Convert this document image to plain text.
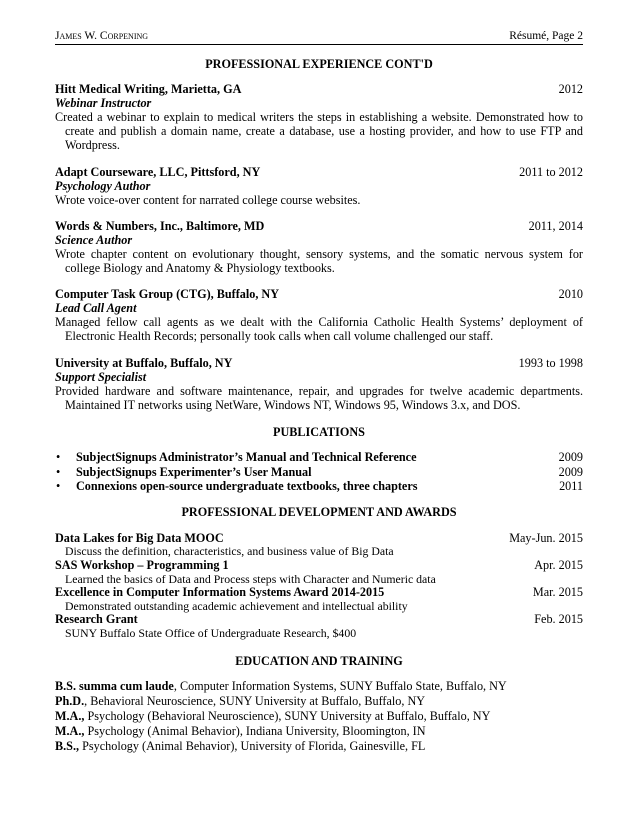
James W. Corpening	Résumé, Page 2
PROFESSIONAL EXPERIENCE CONT'D
Hitt Medical Writing, Marietta, GA	2012
Webinar Instructor
Created a webinar to explain to medical writers the steps in establishing a website. Demonstrated how to create and publish a domain name, create a database, use a hosting provider, and how to use FTP and Wordpress.
Adapt Courseware, LLC, Pittsford, NY	2011 to 2012
Psychology Author
Wrote voice-over content for narrated college course websites.
Words & Numbers, Inc., Baltimore, MD	2011, 2014
Science Author
Wrote chapter content on evolutionary thought, sensory systems, and the somatic nervous system for college Biology and Anatomy & Physiology textbooks.
Computer Task Group (CTG), Buffalo, NY	2010
Lead Call Agent
Managed fellow call agents as we dealt with the California Catholic Health Systems’ deployment of Electronic Health Records; personally took calls when call volume challenged our staff.
University at Buffalo, Buffalo, NY	1993 to 1998
Support Specialist
Provided hardware and software maintenance, repair, and upgrades for twelve academic departments. Maintained IT networks using NetWare, Windows NT, Windows 95, Windows 3.x, and DOS.
PUBLICATIONS
•	SubjectSignups Administrator’s Manual and Technical Reference	2009
•	SubjectSignups Experimenter’s User Manual	2009
•	Connexions open-source undergraduate textbooks, three chapters	2011
PROFESSIONAL DEVELOPMENT AND AWARDS
Data Lakes for Big Data MOOC	May-Jun. 2015
Discuss the definition, characteristics, and business value of Big Data
SAS Workshop – Programming 1	Apr. 2015
Learned the basics of Data and Process steps with Character and Numeric data
Excellence in Computer Information Systems Award 2014-2015	Mar. 2015
Demonstrated outstanding academic achievement and intellectual ability
Research Grant	Feb. 2015
SUNY Buffalo State Office of Undergraduate Research, $400
EDUCATION AND TRAINING
B.S. summa cum laude, Computer Information Systems, SUNY Buffalo State, Buffalo, NY
Ph.D., Behavioral Neuroscience, SUNY University at Buffalo, Buffalo, NY
M.A., Psychology (Behavioral Neuroscience), SUNY University at Buffalo, Buffalo, NY
M.A., Psychology (Animal Behavior), Indiana University, Bloomington, IN
B.S., Psychology (Animal Behavior), University of Florida, Gainesville, FL
